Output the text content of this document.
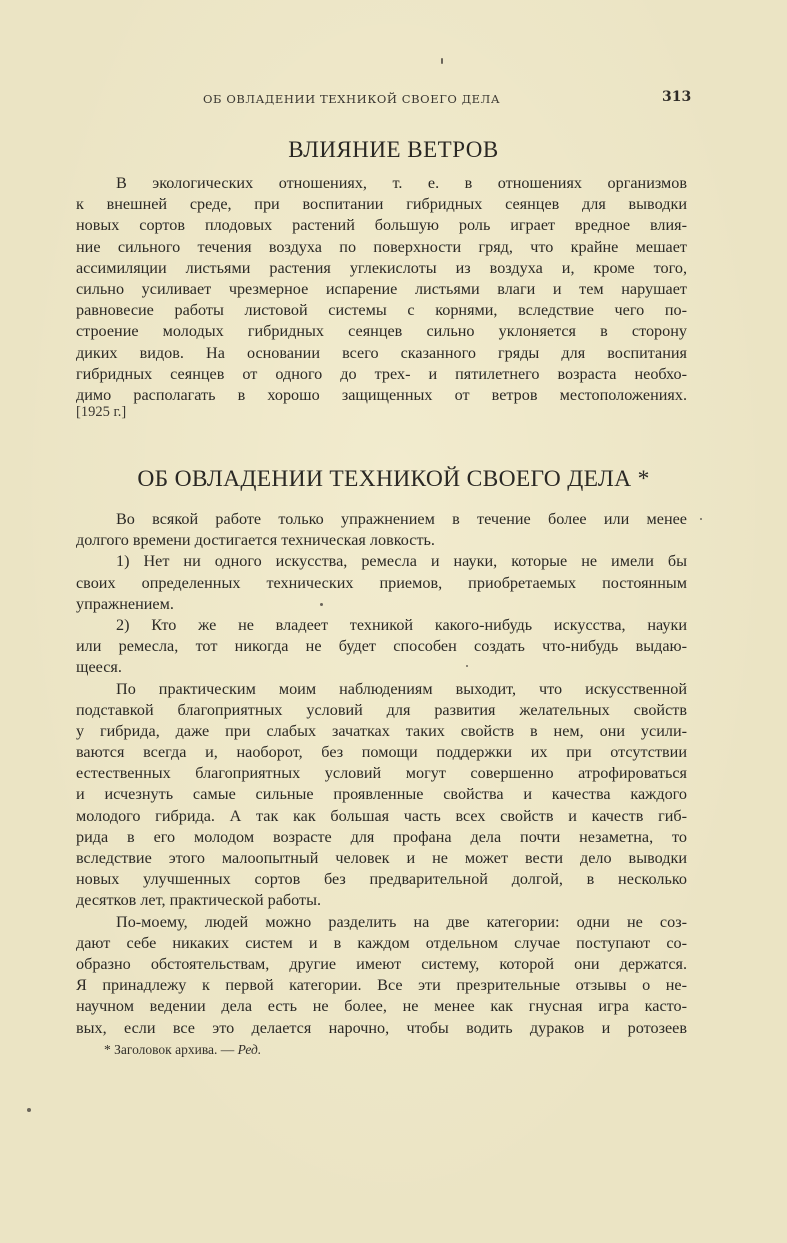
ОБ ОВЛАДЕНИИ ТЕХНИКОЙ СВОЕГО ДЕЛА	313
ВЛИЯНИЕ ВЕТРОВ
В экологических отношениях, т. е. в отношениях организмов
к внешней среде, при воспитании гибридных сеянцев для выводки
новых сортов плодовых растений большую роль играет вредное влия-
ние сильного течения воздуха по поверхности гряд, что крайне мешает
ассимиляции листьями растения углекислоты из воздуха и, кроме того,
сильно усиливает чрезмерное испарение листьями влаги и тем нарушает
равновесие работы листовой системы с корнями, вследствие чего по-
строение молодых гибридных сеянцев сильно уклоняется в сторону
диких видов. На основании всего сказанного гряды для воспитания
гибридных сеянцев от одного до трех- и пятилетнего возраста необхо-
димо располагать в хорошо защищенных от ветров местоположениях.
[1925 г.]
ОБ ОВЛАДЕНИИ ТЕХНИКОЙ СВОЕГО ДЕЛА *
Во всякой работе только упражнением в течение более или менее
долгого времени достигается техническая ловкость.
1) Нет ни одного искусства, ремесла и науки, которые не имели бы
своих определенных технических приемов, приобретаемых постоянным
упражнением.
2) Кто же не владеет техникой какого-нибудь искусства, науки
или ремесла, тот никогда не будет способен создать что-нибудь выдаю-
щееся.
По практическим моим наблюдениям выходит, что искусственной
подставкой благоприятных условий для развития желательных свойств
у гибрида, даже при слабых зачатках таких свойств в нем, они усили-
ваются всегда и, наоборот, без помощи поддержки их при отсутствии
естественных благоприятных условий могут совершенно атрофироваться
и исчезнуть самые сильные проявленные свойства и качества каждого
молодого гибрида. А так как большая часть всех свойств и качеств гиб-
рида в его молодом возрасте для профана дела почти незаметна, то
вследствие этого малоопытный человек и не может вести дело выводки
новых улучшенных сортов без предварительной долгой, в несколько
десятков лет, практической работы.
По-моему, людей можно разделить на две категории: одни не соз-
дают себе никаких систем и в каждом отдельном случае поступают со-
образно обстоятельствам, другие имеют систему, которой они держатся.
Я принадлежу к первой категории. Все эти презрительные отзывы о не-
научном ведении дела есть не более, не менее как гнусная игра касто-
вых, если все это делается нарочно, чтобы водить дураков и ротозеев
* Заголовок архива. — Ред.
